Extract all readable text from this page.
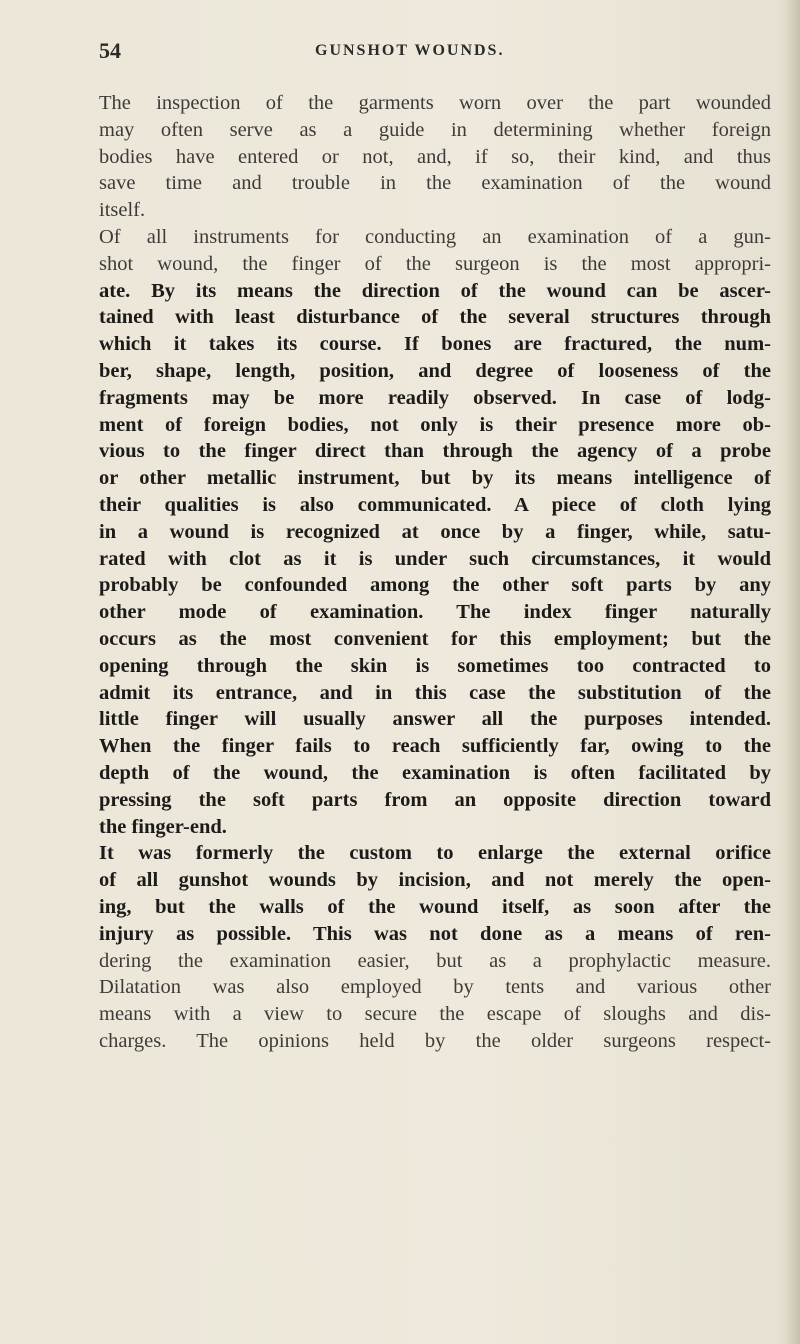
54	GUNSHOT WOUNDS.
The inspection of the garments worn over the part wounded
may often serve as a guide in determining whether foreign
bodies have entered or not, and, if so, their kind, and thus
save time and trouble in the examination of the wound
itself.
Of all instruments for conducting an examination of a gun-
shot wound, the finger of the surgeon is the most appropri-
ate. By its means the direction of the wound can be ascer-
tained with least disturbance of the several structures through
which it takes its course. If bones are fractured, the num-
ber, shape, length, position, and degree of looseness of the
fragments may be more readily observed. In case of lodg-
ment of foreign bodies, not only is their presence more ob-
vious to the finger direct than through the agency of a probe
or other metallic instrument, but by its means intelligence of
their qualities is also communicated. A piece of cloth lying
in a wound is recognized at once by a finger, while, satu-
rated with clot as it is under such circumstances, it would
probably be confounded among the other soft parts by any
other mode of examination. The index finger naturally
occurs as the most convenient for this employment; but the
opening through the skin is sometimes too contracted to
admit its entrance, and in this case the substitution of the
little finger will usually answer all the purposes intended.
When the finger fails to reach sufficiently far, owing to the
depth of the wound, the examination is often facilitated by
pressing the soft parts from an opposite direction toward
the finger-end.
It was formerly the custom to enlarge the external orifice
of all gunshot wounds by incision, and not merely the open-
ing, but the walls of the wound itself, as soon after the
injury as possible. This was not done as a means of ren-
dering the examination easier, but as a prophylactic measure.
Dilatation was also employed by tents and various other
means with a view to secure the escape of sloughs and dis-
charges. The opinions held by the older surgeons respect-
